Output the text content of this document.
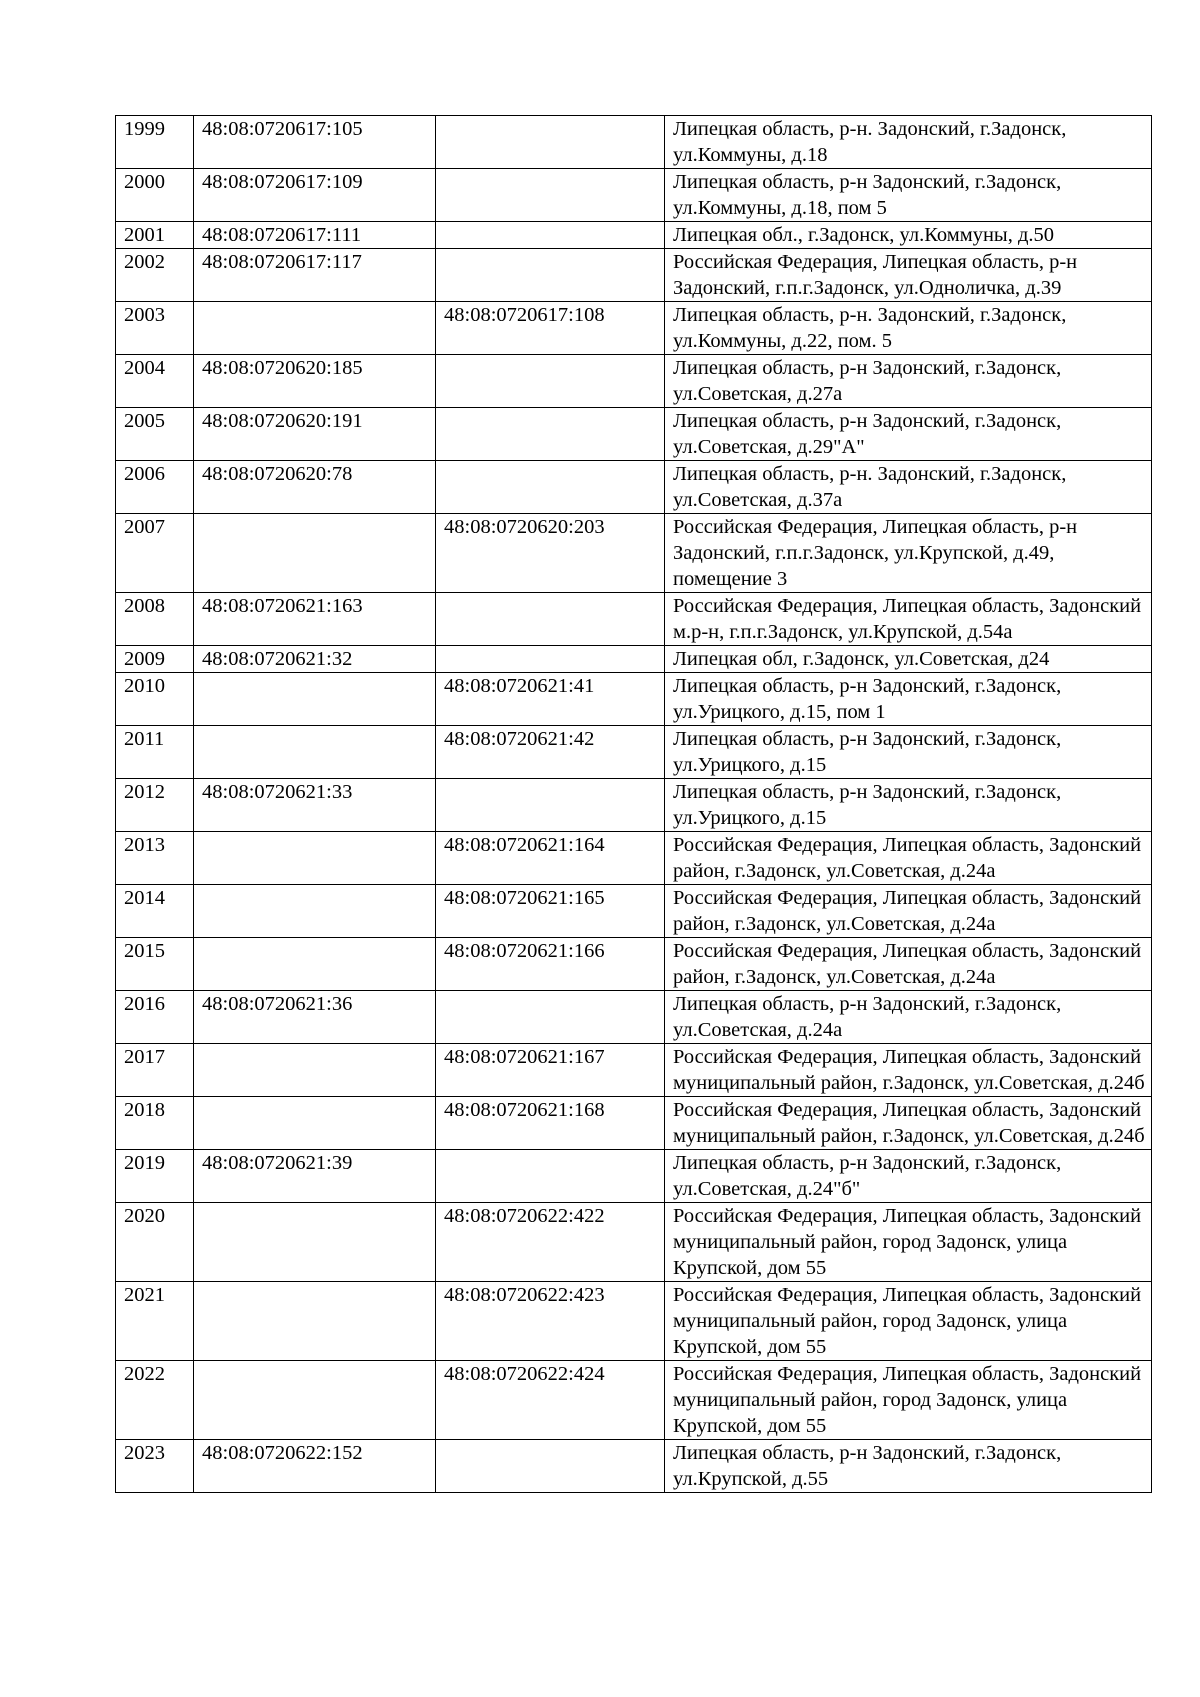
1999	48:08:0720617:105		Липецкая область, р-н. Задонский, г.Задонск, ул.Коммуны, д.18
2000	48:08:0720617:109		Липецкая область, р-н Задонский, г.Задонск, ул.Коммуны, д.18, пом 5
2001	48:08:0720617:111		Липецкая обл., г.Задонск, ул.Коммуны, д.50
2002	48:08:0720617:117		Российская Федерация, Липецкая область, р-н Задонский, г.п.г.Задонск, ул.Одноличка, д.39
2003		48:08:0720617:108	Липецкая область, р-н. Задонский, г.Задонск, ул.Коммуны, д.22, пом. 5
2004	48:08:0720620:185		Липецкая область, р-н Задонский, г.Задонск, ул.Советская, д.27а
2005	48:08:0720620:191		Липецкая область, р-н Задонский, г.Задонск, ул.Советская, д.29"А"
2006	48:08:0720620:78		Липецкая область, р-н. Задонский, г.Задонск, ул.Советская, д.37а
2007		48:08:0720620:203	Российская Федерация, Липецкая область, р-н Задонский, г.п.г.Задонск, ул.Крупской, д.49, помещение 3
2008	48:08:0720621:163		Российская Федерация, Липецкая область, Задонский м.р-н, г.п.г.Задонск, ул.Крупской, д.54а
2009	48:08:0720621:32		Липецкая обл, г.Задонск, ул.Советская, д24
2010		48:08:0720621:41	Липецкая область, р-н Задонский, г.Задонск, ул.Урицкого, д.15, пом 1
2011		48:08:0720621:42	Липецкая область, р-н Задонский, г.Задонск, ул.Урицкого, д.15
2012	48:08:0720621:33		Липецкая область, р-н Задонский, г.Задонск, ул.Урицкого, д.15
2013		48:08:0720621:164	Российская Федерация, Липецкая область, Задонский район, г.Задонск, ул.Советская, д.24а
2014		48:08:0720621:165	Российская Федерация, Липецкая область, Задонский район, г.Задонск, ул.Советская, д.24а
2015		48:08:0720621:166	Российская Федерация, Липецкая область, Задонский район, г.Задонск, ул.Советская, д.24а
2016	48:08:0720621:36		Липецкая область, р-н Задонский, г.Задонск, ул.Советская, д.24а
2017		48:08:0720621:167	Российская Федерация, Липецкая область, Задонский муниципальный район, г.Задонск, ул.Советская, д.24б
2018		48:08:0720621:168	Российская Федерация, Липецкая область, Задонский муниципальный район, г.Задонск, ул.Советская, д.24б
2019	48:08:0720621:39		Липецкая область, р-н Задонский, г.Задонск, ул.Советская, д.24"б"
2020		48:08:0720622:422	Российская Федерация, Липецкая область, Задонский муниципальный район, город Задонск, улица Крупской, дом 55
2021		48:08:0720622:423	Российская Федерация, Липецкая область, Задонский муниципальный район, город Задонск, улица Крупской, дом 55
2022		48:08:0720622:424	Российская Федерация, Липецкая область, Задонский муниципальный район, город Задонск, улица Крупской, дом 55
2023	48:08:0720622:152		Липецкая область, р-н Задонский, г.Задонск, ул.Крупской, д.55
